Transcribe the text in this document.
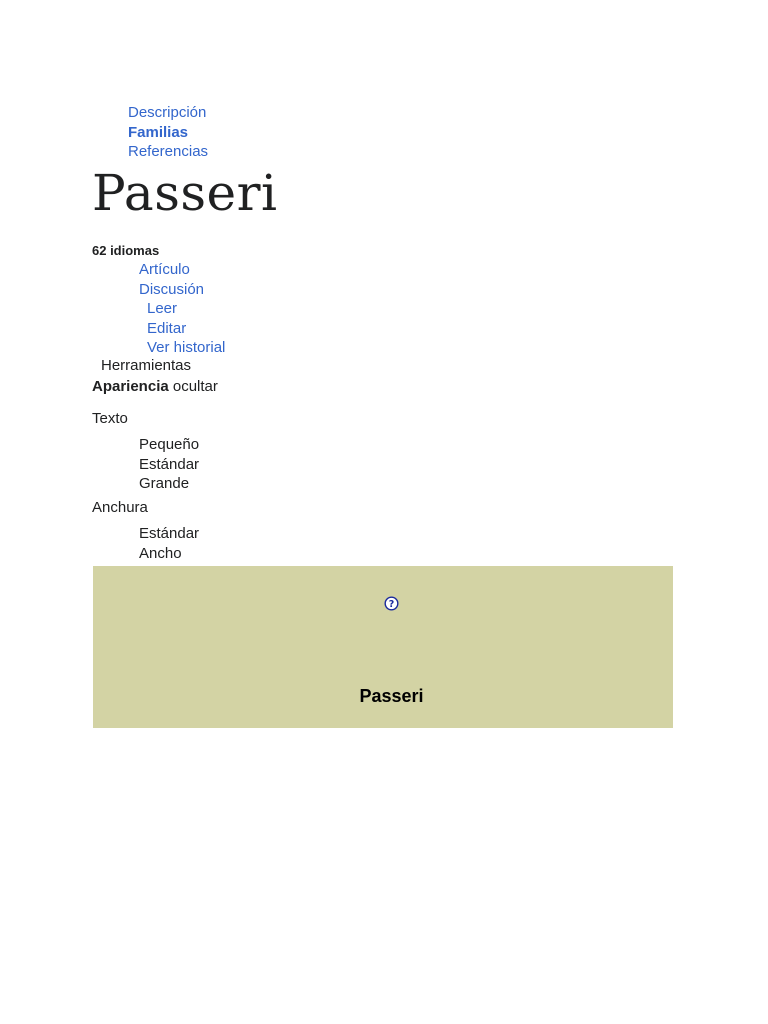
Descripción
Familias
Referencias
Passeri
62 idiomas
Artículo
Discusión
Leer
Editar
Ver historial
Herramientas
Apariencia ocultar
Texto
Pequeño
Estándar
Grande
Anchura
Estándar
Ancho
?
Passeri
